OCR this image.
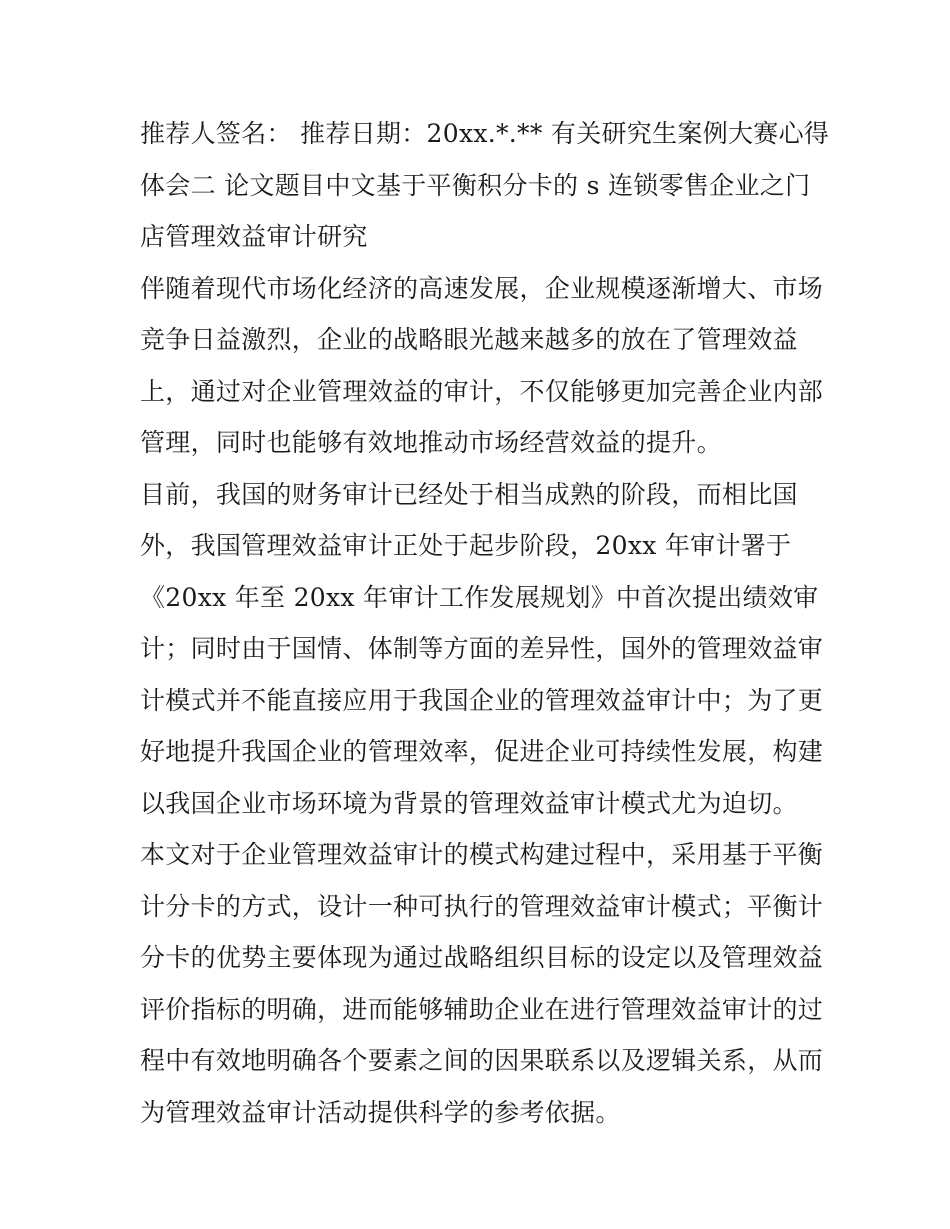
推荐人签名： 推荐日期：20xx.*.** 有关研究生案例大赛心得
体会二 论文题目中文基于平衡积分卡的 s 连锁零售企业之门
店管理效益审计研究
伴随着现代市场化经济的高速发展，企业规模逐渐增大、市场
竞争日益激烈，企业的战略眼光越来越多的放在了管理效益
上，通过对企业管理效益的审计，不仅能够更加完善企业内部
管理，同时也能够有效地推动市场经营效益的提升。
目前，我国的财务审计已经处于相当成熟的阶段，而相比国
外，我国管理效益审计正处于起步阶段，20xx 年审计署于
《20xx 年至 20xx 年审计工作发展规划》中首次提出绩效审
计；同时由于国情、体制等方面的差异性，国外的管理效益审
计模式并不能直接应用于我国企业的管理效益审计中；为了更
好地提升我国企业的管理效率，促进企业可持续性发展，构建
以我国企业市场环境为背景的管理效益审计模式尤为迫切。
本文对于企业管理效益审计的模式构建过程中，采用基于平衡
计分卡的方式，设计一种可执行的管理效益审计模式；平衡计
分卡的优势主要体现为通过战略组织目标的设定以及管理效益
评价指标的明确，进而能够辅助企业在进行管理效益审计的过
程中有效地明确各个要素之间的因果联系以及逻辑关系，从而
为管理效益审计活动提供科学的参考依据。
